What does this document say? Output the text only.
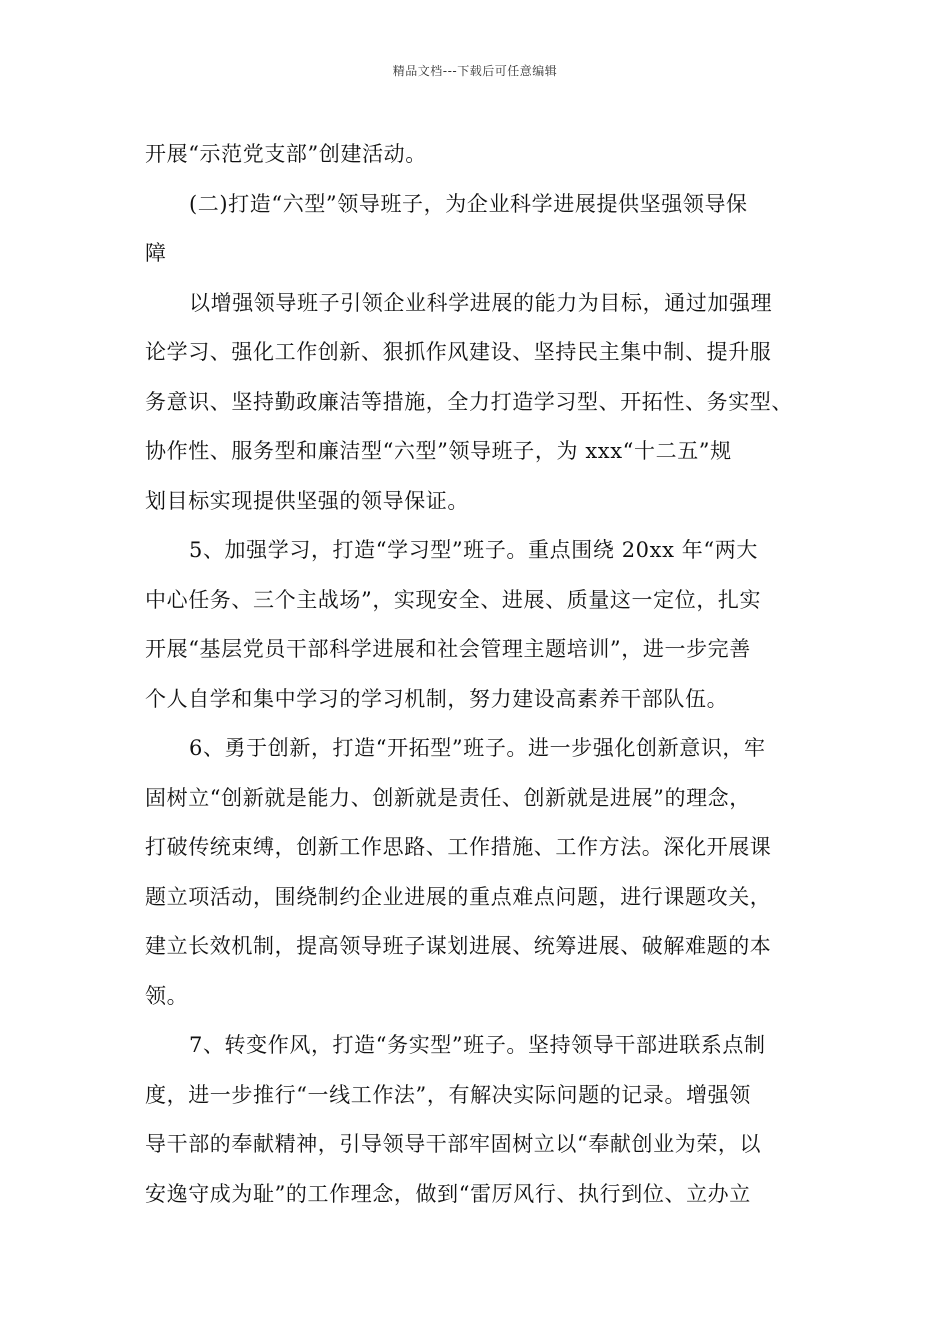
精品文档---下载后可任意编辑
开展“示范党支部”创建活动。
(二)打造“六型”领导班子，为企业科学进展提供坚强领导保
障
以增强领导班子引领企业科学进展的能力为目标，通过加强理
论学习、强化工作创新、狠抓作风建设、坚持民主集中制、提升服
务意识、坚持勤政廉洁等措施，全力打造学习型、开拓性、务实型、
协作性、服务型和廉洁型“六型”领导班子，为 xxx“十二五”规
划目标实现提供坚强的领导保证。
5、加强学习，打造“学习型”班子。重点围绕 20xx 年“两大
中心任务、三个主战场”，实现安全、进展、质量这一定位，扎实
开展“基层党员干部科学进展和社会管理主题培训”，进一步完善
个人自学和集中学习的学习机制，努力建设高素养干部队伍。
6、勇于创新，打造“开拓型”班子。进一步强化创新意识，牢
固树立“创新就是能力、创新就是责任、创新就是进展”的理念，
打破传统束缚，创新工作思路、工作措施、工作方法。深化开展课
题立项活动，围绕制约企业进展的重点难点问题，进行课题攻关，
建立长效机制，提高领导班子谋划进展、统筹进展、破解难题的本
领。
7、转变作风，打造“务实型”班子。坚持领导干部进联系点制
度，进一步推行“一线工作法”，有解决实际问题的记录。增强领
导干部的奉献精神，引导领导干部牢固树立以“奉献创业为荣，以
安逸守成为耻”的工作理念，做到“雷厉风行、执行到位、立办立
